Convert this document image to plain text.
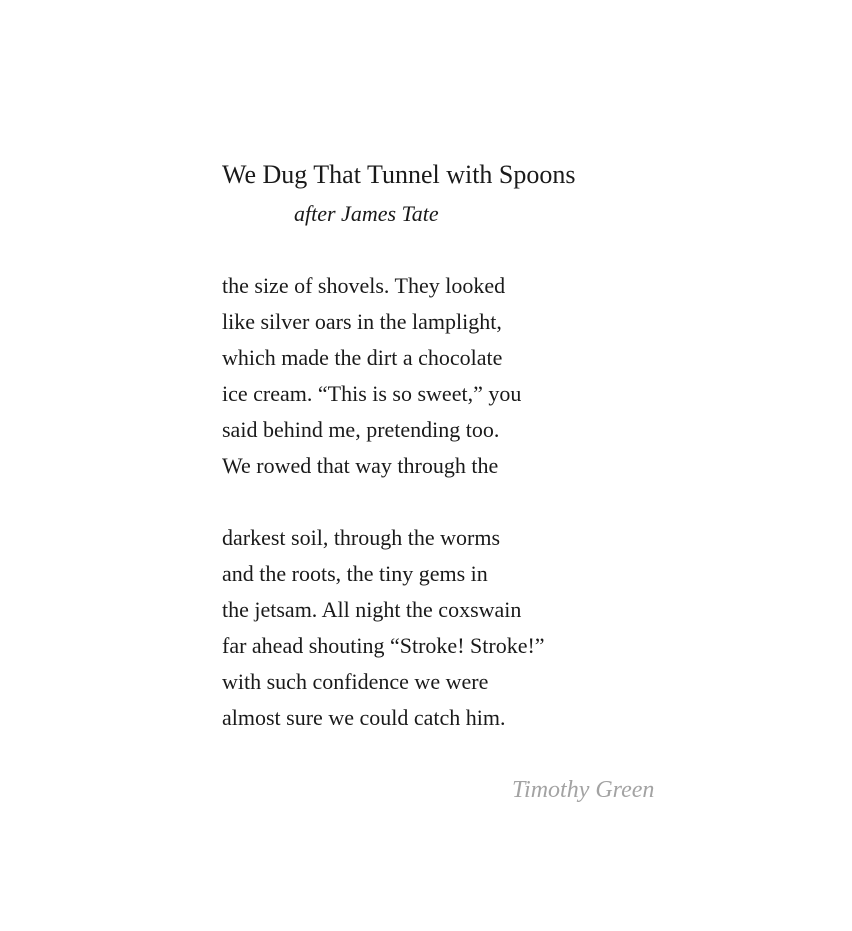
We Dug That Tunnel with Spoons
after James Tate
the size of shovels. They looked
like silver oars in the lamplight,
which made the dirt a chocolate
ice cream. “This is so sweet,” you
said behind me, pretending too.
We rowed that way through the
darkest soil, through the worms
and the roots, the tiny gems in
the jetsam. All night the coxswain
far ahead shouting “Stroke! Stroke!”
with such confidence we were
almost sure we could catch him.
Timothy Green
